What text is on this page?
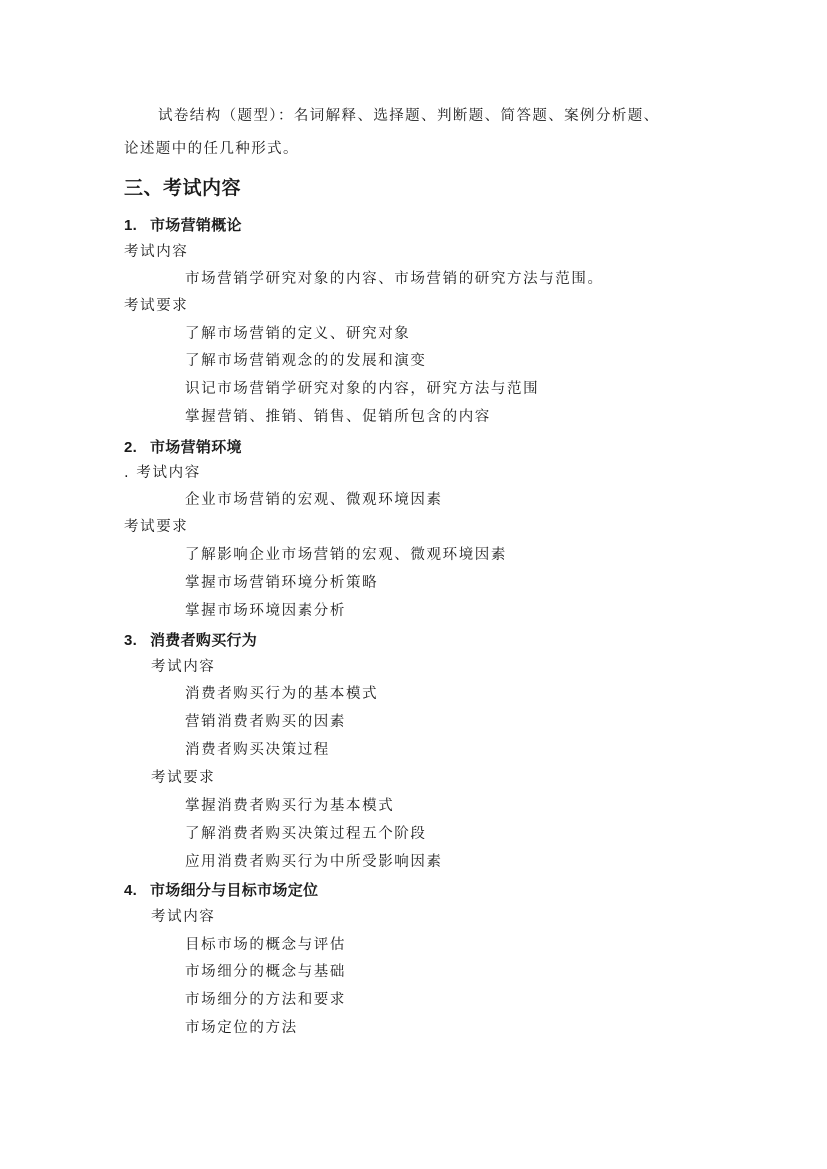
试卷结构（题型）：名词解释、选择题、判断题、简答题、案例分析题、
论述题中的任几种形式。
三、考试内容
1. 市场营销概论
考试内容
市场营销学研究对象的内容、市场营销的研究方法与范围。
考试要求
了解市场营销的定义、研究对象
了解市场营销观念的的发展和演变
识记市场营销学研究对象的内容，研究方法与范围
掌握营销、推销、销售、促销所包含的内容
2. 市场营销环境
. 考试内容
企业市场营销的宏观、微观环境因素
考试要求
了解影响企业市场营销的宏观、微观环境因素
掌握市场营销环境分析策略
掌握市场环境因素分析
3. 消费者购买行为
考试内容
消费者购买行为的基本模式
营销消费者购买的因素
消费者购买决策过程
考试要求
掌握消费者购买行为基本模式
了解消费者购买决策过程五个阶段
应用消费者购买行为中所受影响因素
4. 市场细分与目标市场定位
考试内容
目标市场的概念与评估
市场细分的概念与基础
市场细分的方法和要求
市场定位的方法
